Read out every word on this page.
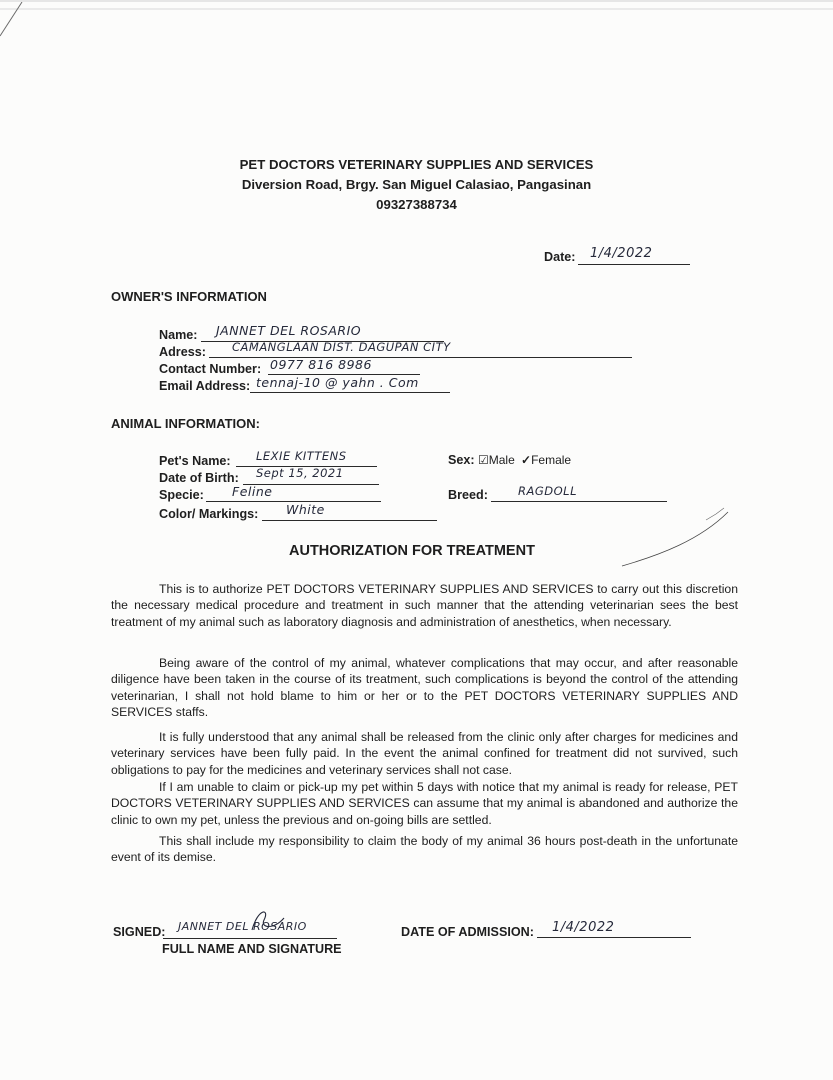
PET DOCTORS VETERINARY SUPPLIES AND SERVICES
Diversion Road, Brgy. San Miguel Calasiao, Pangasinan
09327388734
Date: 1/4/2022
OWNER'S INFORMATION
Name: JANNET DEL ROSARIO
Adress: CAMANGLAAN DIST. DAGUPAN CITY
Contact Number: 0977 816 8986
Email Address: tennaj-10 @ yahn . Com
ANIMAL INFORMATION:
Pet's Name: LEXIE KITTENS
Date of Birth: Sept 15, 2021
Specie: Feline
Color/ Markings: White
Sex: ☑Male ✓Female
Breed:	RAGDOLL
AUTHORIZATION FOR TREATMENT

This is to authorize PET DOCTORS VETERINARY SUPPLIES AND SERVICES to carry out this discretion the necessary medical procedure and treatment in such manner that the attending veterinarian sees the best treatment of my animal such as laboratory diagnosis and administration of anesthetics, when necessary.

Being aware of the control of my animal, whatever complications that may occur, and after reasonable diligence have been taken in the course of its treatment, such complications is beyond the control of the attending veterinarian, I shall not hold blame to him or her or to the PET DOCTORS VETERINARY SUPPLIES AND SERVICES staffs.

It is fully understood that any animal shall be released from the clinic only after charges for medicines and veterinary services have been fully paid. In the event the animal confined for treatment did not survived, such obligations to pay for the medicines and veterinary services shall not case.

If I am unable to claim or pick-up my pet within 5 days with notice that my animal is ready for release, PET DOCTORS VETERINARY SUPPLIES AND SERVICES can assume that my animal is abandoned and authorize the clinic to own my pet, unless the previous and on-going bills are settled.

This shall include my responsibility to claim the body of my animal 36 hours post-death in the unfortunate event of its demise.

SIGNED: JANNET DEL ROSARIO
FULL NAME AND SIGNATURE
DATE OF ADMISSION: 1/4/2022
